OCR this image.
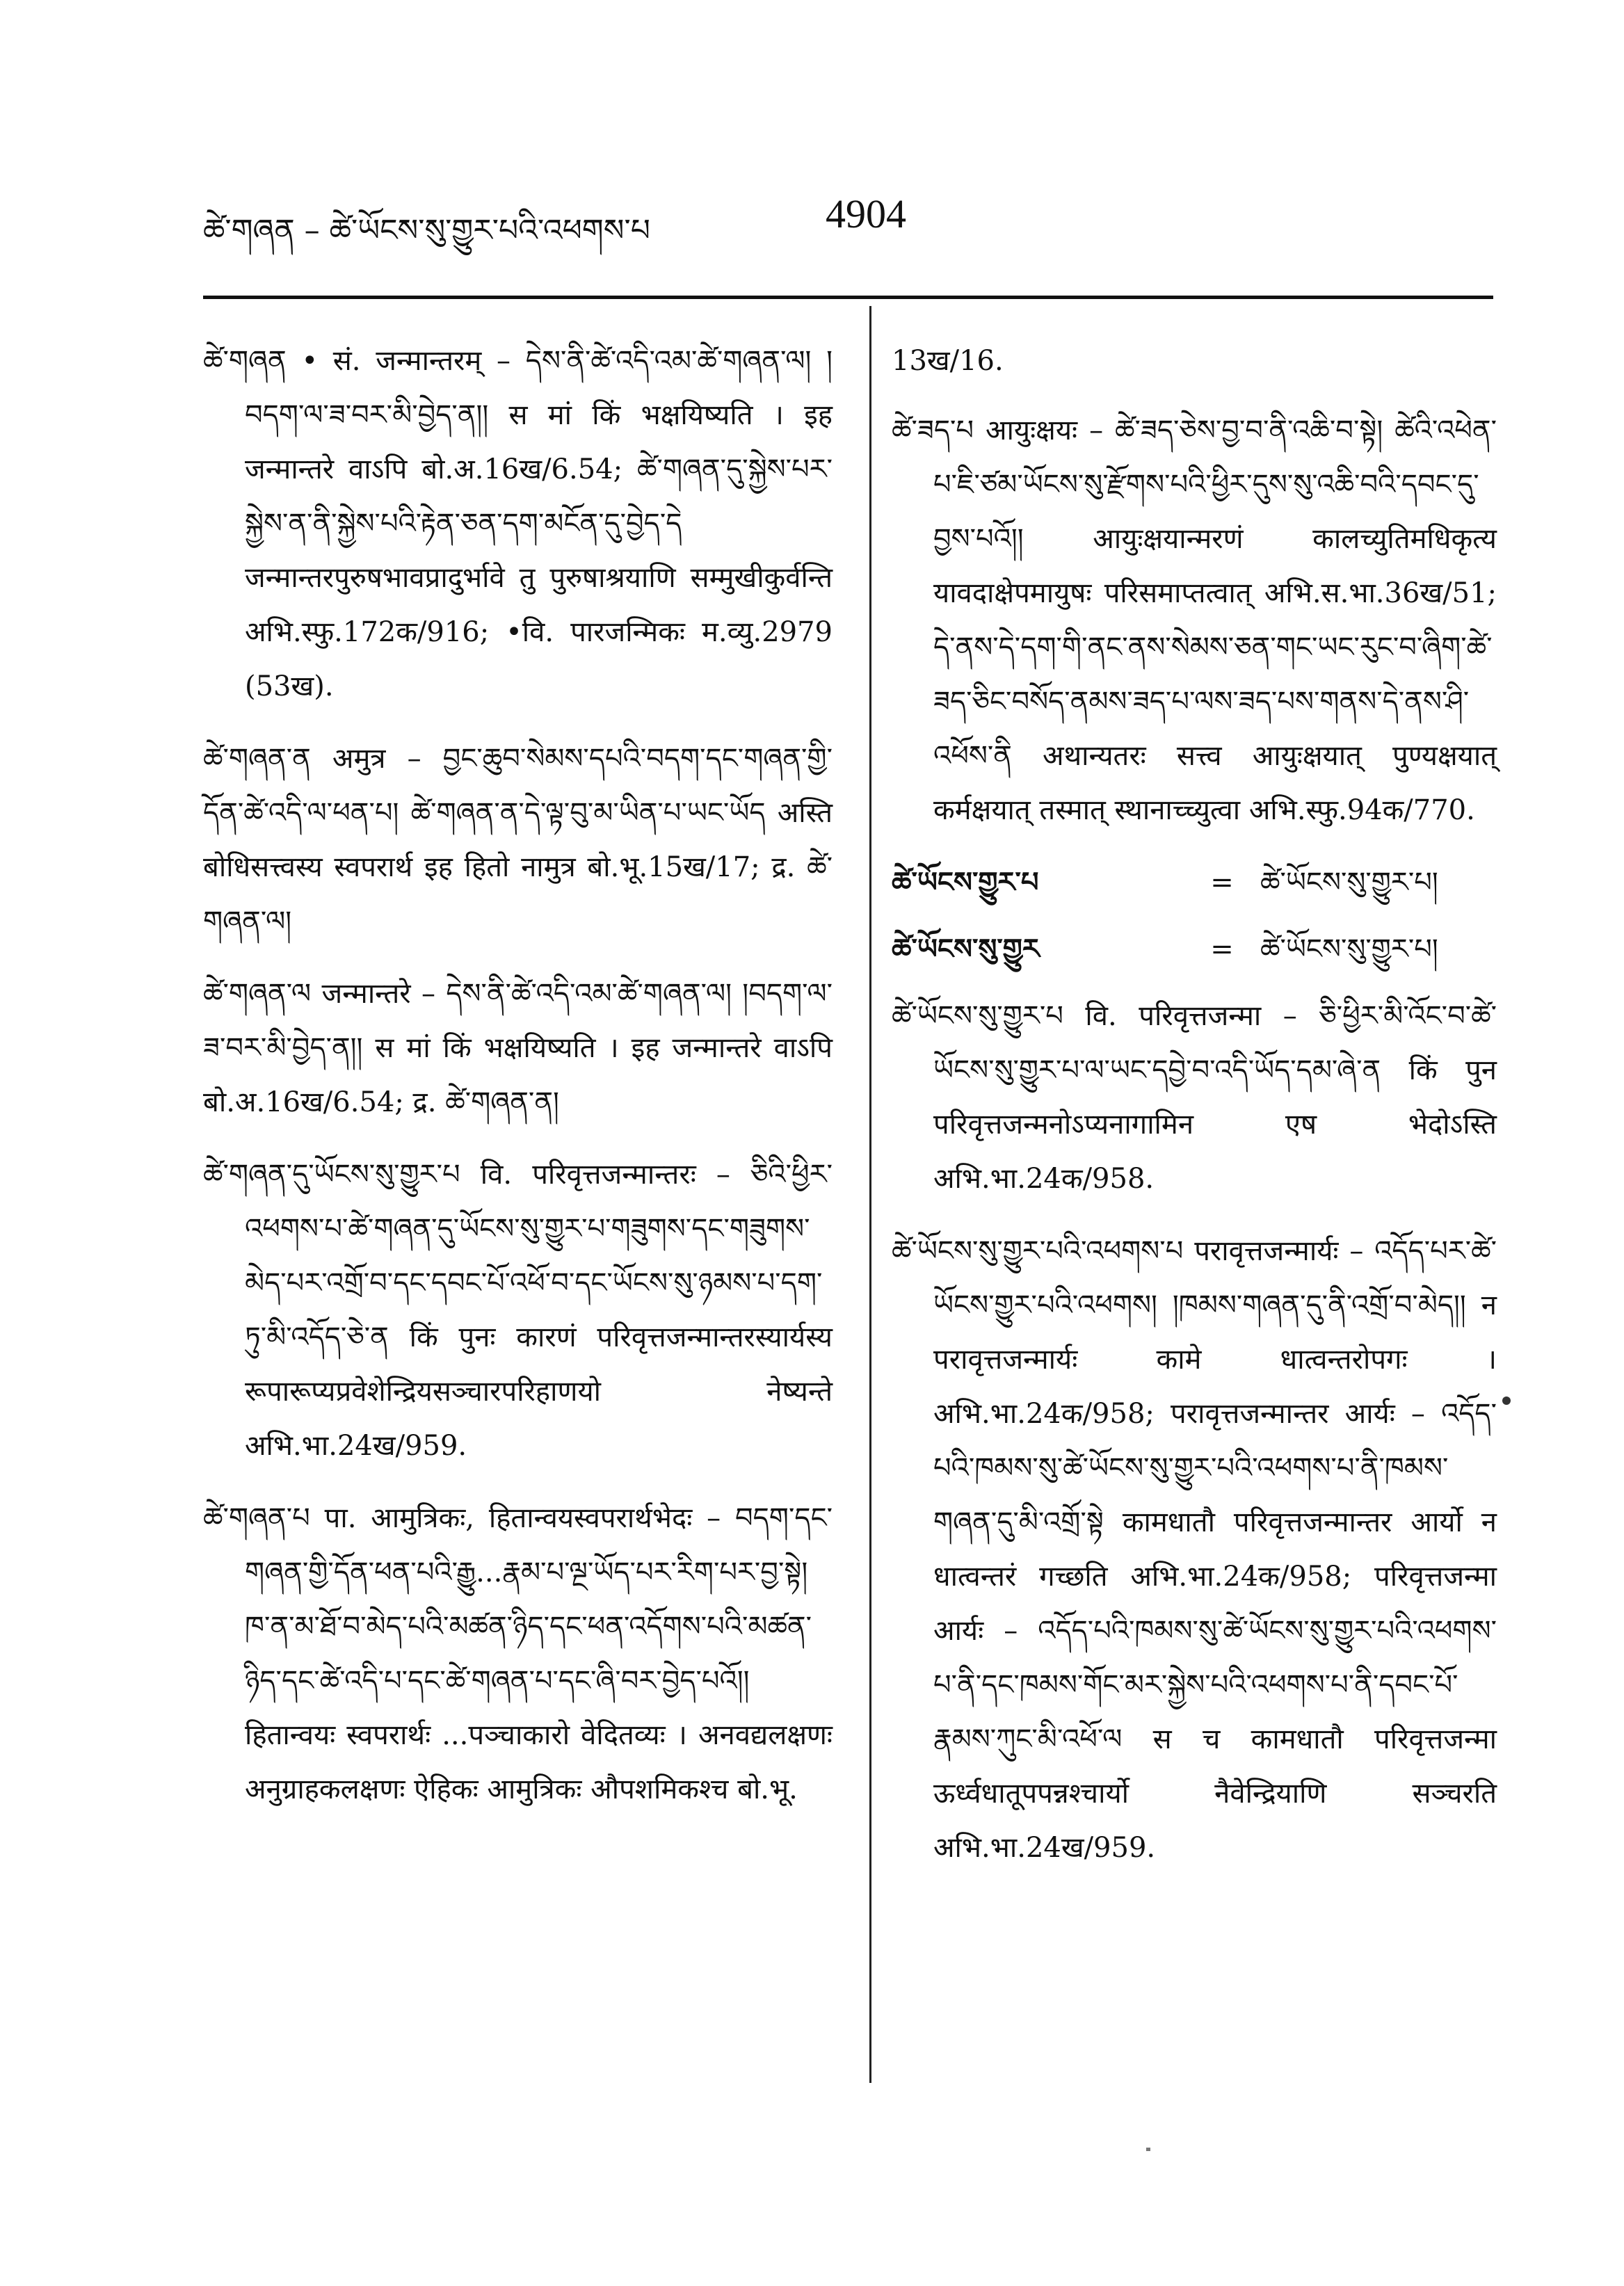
ཚེ་གཞན – ཚེ་ཡོངས་སུ་གྱུར་པའི་འཕགས་པ	4904

ཚེ་གཞན • सं. जन्मान्तरम् – དེས་ནི་ཚེ་འདི་འམ་ཚེ་གཞན་ལ། །བདག་ལ་ཟ་བར་མི་བྱེད་ན།། स मां किं भक्षयिष्यति । इह जन्मान्तरे वाऽपि बो.अ.16ख/6.54; ཚེ་གཞན་དུ་སྐྱེས་པར་སྐྱེས་ན་ནི་སྐྱེས་པའི་རྟེན་ཅན་དག་མངོན་དུ་བྱེད་དེ जन्मान्तरपुरुषभावप्रादुर्भावे तु पुरुषाश्रयाणि सम्मुखीकुर्वन्ति अभि.स्फु.172क/916; •वि. पारजन्मिकः म.व्यु.2979 (53ख).

ཚེ་གཞན་ན अमुत्र – བྱང་ཆུབ་སེམས་དཔའི་བདག་དང་གཞན་གྱི་དོན་ཚེ་འདི་ལ་ཕན་པ། ཚེ་གཞན་ན་དེ་ལྟ་བུ་མ་ཡིན་པ་ཡང་ཡོད अस्ति बोधिसत्त्वस्य स्वपरार्थ इह हितो नामुत्र बो.भू.15ख/17; द्र. ཚེ་གཞན་ལ།

ཚེ་གཞན་ལ जन्मान्तरे – དེས་ནི་ཚེ་འདི་འམ་ཚེ་གཞན་ལ། །བདག་ལ་ཟ་བར་མི་བྱེད་ན།། स मां किं भक्षयिष्यति । इह जन्मान्तरे वाऽपि बो.अ.16ख/6.54; द्र. ཚེ་གཞན་ན།

ཚེ་གཞན་དུ་ཡོངས་སུ་གྱུར་པ वि. परिवृत्तजन्मान्तरः – ཅིའི་ཕྱིར་འཕགས་པ་ཚེ་གཞན་དུ་ཡོངས་སུ་གྱུར་པ་གཟུགས་དང་གཟུགས་མེད་པར་འགྲོ་བ་དང་དབང་པོ་འཕོ་བ་དང་ཡོངས་སུ་ཉམས་པ་དག་ཏུ་མི་འདོད་ཅེ་ན किं पुनः कारणं परिवृत्तजन्मान्तरस्यार्यस्य रूपारूप्यप्रवेशेन्द्रियसञ्चारपरिहाणयो नेष्यन्ते अभि.भा.24ख/959.

ཚེ་གཞན་པ पा. आमुत्रिकः, हितान्वयस्वपरार्थभेदः – བདག་དང་གཞན་གྱི་དོན་ཕན་པའི་རྒྱུ...རྣམ་པ་ལྔ་ཡོད་པར་རིག་པར་བྱ་སྟེ། ཁ་ན་མ་ཐོ་བ་མེད་པའི་མཚན་ཉིད་དང་ཕན་འདོགས་པའི་མཚན་ཉིད་དང་ཚེ་འདི་པ་དང་ཚེ་གཞན་པ་དང་ཞི་བར་བྱེད་པའོ།། हितान्वयः स्वपरार्थः ...पञ्चाकारो वेदितव्यः । अनवद्यलक्षणः अनुग्राहकलक्षणः ऐहिकः आमुत्रिकः औपशमिकश्च बो.भू.

13ख/16.

ཚེ་ཟད་པ आयुःक्षयः – ཚེ་ཟད་ཅེས་བྱ་བ་ནི་འཆི་བ་སྟེ། ཚེའི་འཕེན་པ་ཇི་ཙམ་ཡོངས་སུ་རྫོགས་པའི་ཕྱིར་དུས་སུ་འཆི་བའི་དབང་དུ་བྱས་པའོ།། आयुःक्षयान्मरणं कालच्युतिमधिकृत्य यावदाक्षेपमायुषः परिसमाप्तत्वात् अभि.स.भा.36ख/51; དེ་ནས་དེ་དག་གི་ནང་ནས་སེམས་ཅན་གང་ཡང་རུང་བ་ཞིག་ཚེ་ཟད་ཅིང་བསོད་ནམས་ཟད་པ་ལས་ཟད་པས་གནས་དེ་ནས་ཤི་འཕོས་ནི अथान्यतरः सत्त्व आयुःक्षयात् पुण्यक्षयात् कर्मक्षयात् तस्मात् स्थानाच्च्युत्वा अभि.स्फु.94क/770.

ཚེ་ཡོངས་གྱུར་པ	= ཚེ་ཡོངས་སུ་གྱུར་པ།
ཚེ་ཡོངས་སུ་གྱུར	= ཚེ་ཡོངས་སུ་གྱུར་པ།

ཚེ་ཡོངས་སུ་གྱུར་པ वि. परिवृत्तजन्मा – ཅི་ཕྱིར་མི་འོང་བ་ཚེ་ཡོངས་སུ་གྱུར་པ་ལ་ཡང་དབྱེ་བ་འདི་ཡོད་དམ་ཞེ་ན किं पुन परिवृत्तजन्मनोऽप्यनागामिन एष भेदोऽस्ति अभि.भा.24क/958.

ཚེ་ཡོངས་སུ་གྱུར་པའི་འཕགས་པ परावृत्तजन्मार्यः – འདོད་པར་ཚེ་ཡོངས་གྱུར་པའི་འཕགས། །ཁམས་གཞན་དུ་ནི་འགྲོ་བ་མེད།། न परावृत्तजन्मार्यः कामे धात्वन्तरोपगः । अभि.भा.24क/958; परावृत्तजन्मान्तर आर्यः – འདོད་པའི་ཁམས་སུ་ཚེ་ཡོངས་སུ་གྱུར་པའི་འཕགས་པ་ནི་ཁམས་གཞན་དུ་མི་འགྲོ་སྟེ कामधातौ परिवृत्तजन्मान्तर आर्यो न धात्वन्तरं गच्छति अभि.भा.24क/958; परिवृत्तजन्मा आर्यः – འདོད་པའི་ཁམས་སུ་ཚེ་ཡོངས་སུ་གྱུར་པའི་འཕགས་པ་ནི་དང་ཁམས་གོང་མར་སྐྱེས་པའི་འཕགས་པ་ནི་དབང་པོ་རྣམས་ཀུང་མི་འཕོ་ལ स च कामधातौ परिवृत्तजन्मा ऊर्ध्वधातूपपन्नश्चार्यो नैवेन्द्रियाणि सञ्चरति अभि.भा.24ख/959.
